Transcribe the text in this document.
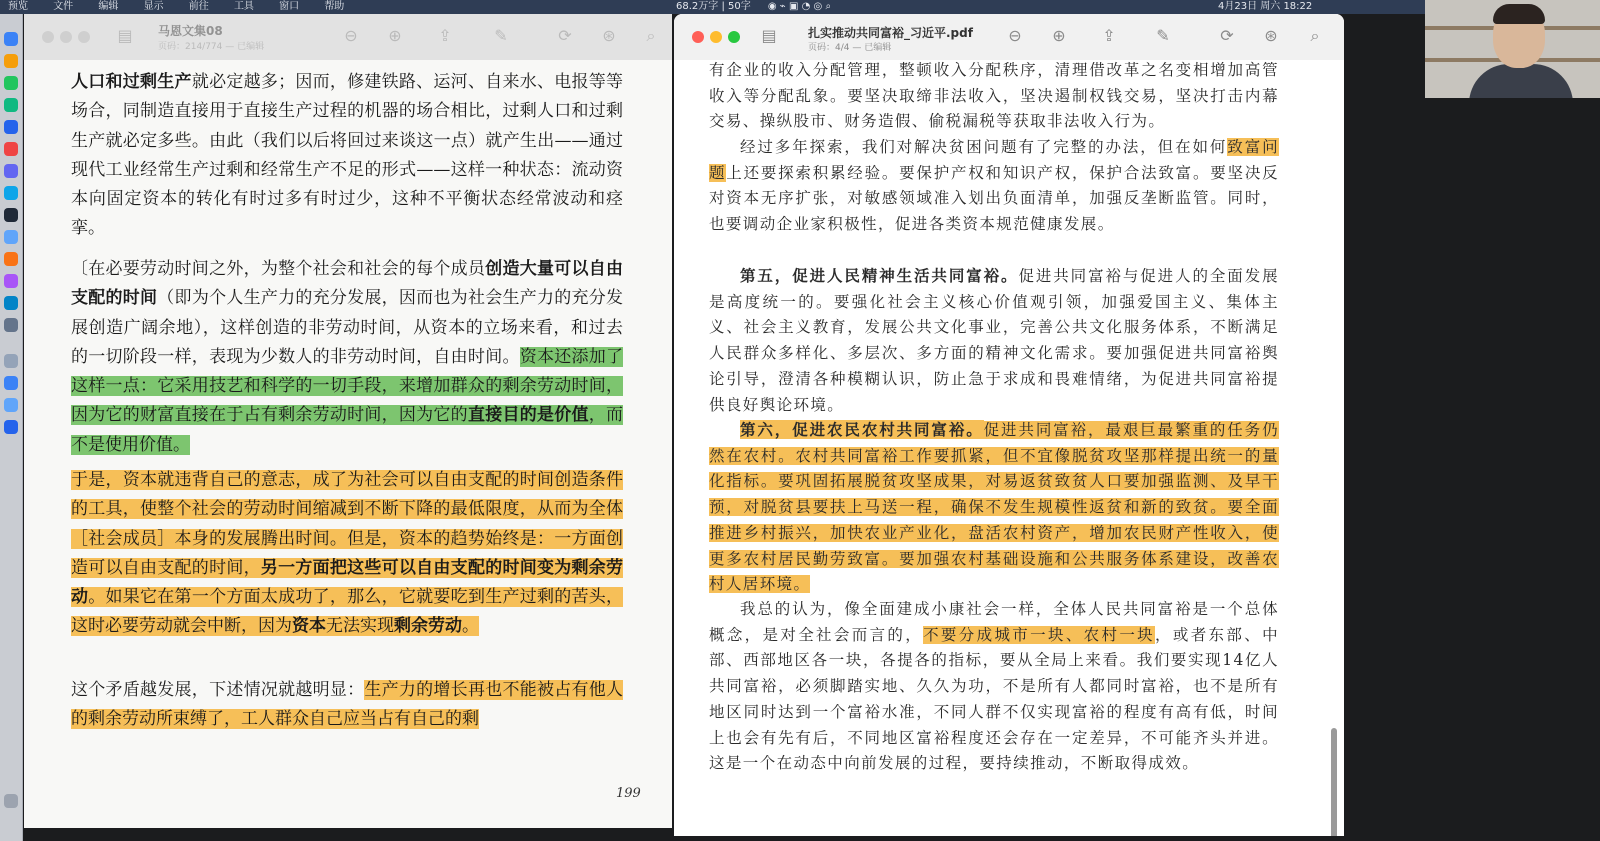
预览	文件	编辑	显示	前往	工具	窗口	帮助	68.2万字 | 50字 ◉ ⌁ ▣ ◔ ◎ ⌕	4月23日 周六 18:22
▤ 马恩文集08
页码：214/774 — 已编辑
⊖ ⊕ ⇪	✎	⟳ ⊛	⌕

人口和过剩生产就必定越多；因而，修建铁路、运河、自来水、电报等等场合，同制造直接用于直接生产过程的机器的场合相比，过剩人口和过剩生产就必定多些。由此（我们以后将回过来谈这一点）就产生出——通过现代工业经常生产过剩和经常生产不足的形式——这样一种状态：流动资本向固定资本的转化有时过多有时过少，这种不平衡状态经常波动和痉挛。

〔在必要劳动时间之外，为整个社会和社会的每个成员创造大量可以自由支配的时间（即为个人生产力的充分发展，因而也为社会生产力的充分发展创造广阔余地），这样创造的非劳动时间，从资本的立场来看，和过去的一切阶段一样，表现为少数人的非劳动时间，自由时间。资本还添加了这样一点：它采用技艺和科学的一切手段，来增加群众的剩余劳动时间，因为它的财富直接在于占有剩余劳动时间，因为它的直接目的是价值，而不是使用价值。

于是，资本就违背自己的意志，成了为社会可以自由支配的时间创造条件的工具，使整个社会的劳动时间缩减到不断下降的最低限度，从而为全体［社会成员］本身的发展腾出时间。但是，资本的趋势始终是：一方面创造可以自由支配的时间，另一方面把这些可以自由支配的时间变为剩余劳动。如果它在第一个方面太成功了，那么，它就要吃到生产过剩的苦头，这时必要劳动就会中断，因为资本无法实现剩余劳动。

这个矛盾越发展，下述情况就越明显：生产力的增长再也不能被占有他人的剩余劳动所束缚了，工人群众自己应当占有自己的剩

199
▤	扎实推动共同富裕_习近平.pdf
页码：4/4 — 已编辑
⊖ ⊕ ⇪	✎	⟳ ⊛	⌕

有企业的收入分配管理，整顿收入分配秩序，清理借改革之名变相增加高管收入等分配乱象。要坚决取缔非法收入，坚决遏制权钱交易，坚决打击内幕交易、操纵股市、财务造假、偷税漏税等获取非法收入行为。

经过多年探索，我们对解决贫困问题有了完整的办法，但在如何致富问题上还要探索积累经验。要保护产权和知识产权，保护合法致富。要坚决反对资本无序扩张，对敏感领域准入划出负面清单，加强反垄断监管。同时，也要调动企业家积极性，促进各类资本规范健康发展。

第五，促进人民精神生活共同富裕。促进共同富裕与促进人的全面发展是高度统一的。要强化社会主义核心价值观引领，加强爱国主义、集体主义、社会主义教育，发展公共文化事业，完善公共文化服务体系，不断满足人民群众多样化、多层次、多方面的精神文化需求。要加强促进共同富裕舆论引导，澄清各种模糊认识，防止急于求成和畏难情绪，为促进共同富裕提供良好舆论环境。

第六，促进农民农村共同富裕。促进共同富裕，最艰巨最繁重的任务仍然在农村。农村共同富裕工作要抓紧，但不宜像脱贫攻坚那样提出统一的量化指标。要巩固拓展脱贫攻坚成果，对易返贫致贫人口要加强监测、及早干预，对脱贫县要扶上马送一程，确保不发生规模性返贫和新的致贫。要全面推进乡村振兴，加快农业产业化，盘活农村资产，增加农民财产性收入，使更多农村居民勤劳致富。要加强农村基础设施和公共服务体系建设，改善农村人居环境。

我总的认为，像全面建成小康社会一样，全体人民共同富裕是一个总体概念，是对全社会而言的，不要分成城市一块、农村一块，或者东部、中部、西部地区各一块，各提各的指标，要从全局上来看。我们要实现14亿人共同富裕，必须脚踏实地、久久为功，不是所有人都同时富裕，也不是所有地区同时达到一个富裕水准，不同人群不仅实现富裕的程度有高有低，时间上也会有先有后，不同地区富裕程度还会存在一定差异，不可能齐头并进。这是一个在动态中向前发展的过程，要持续推动，不断取得成效。
